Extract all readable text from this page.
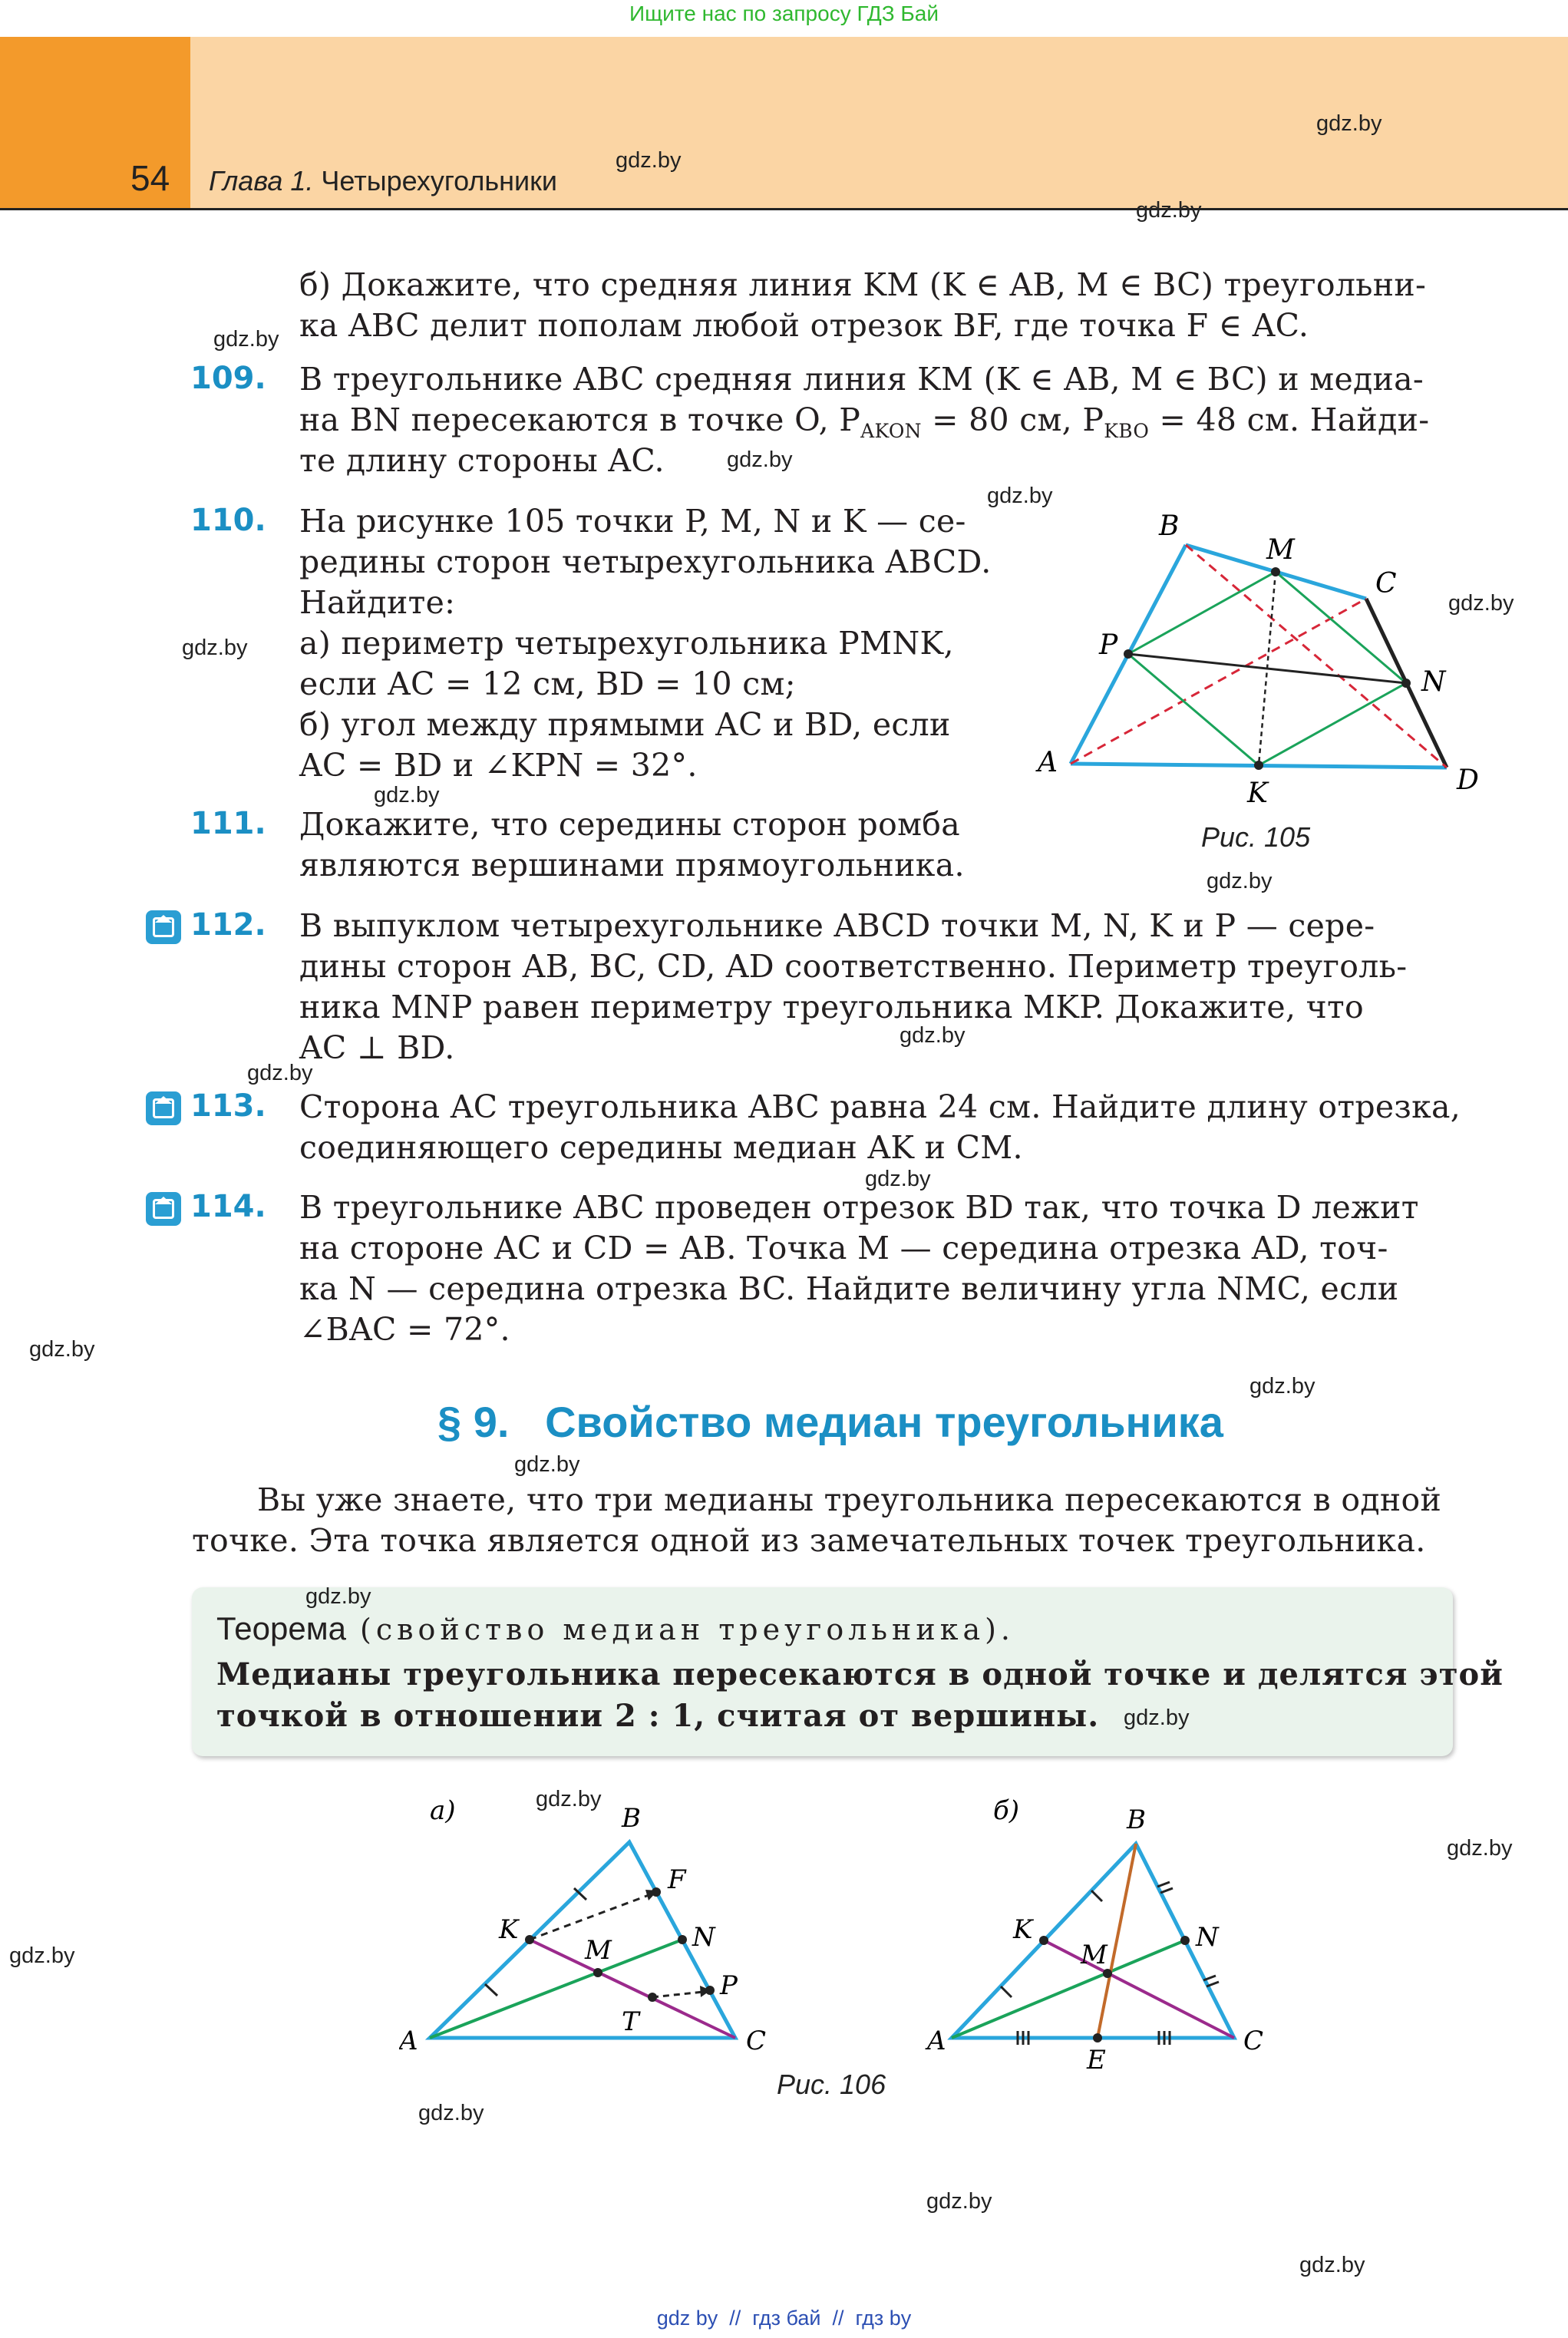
Ищите нас по запросу ГДЗ Бай
54 Глава 1. Четырехугольники
б) Докажите, что средняя линия KM (K ∈ AB, M ∈ BC) треугольни-
ка ABC делит пополам любой отрезок BF, где точка F ∈ AC.
109. В треугольнике ABC средняя линия KM (K ∈ AB, M ∈ BC) и медиа-
на BN пересекаются в точке O, $P_{AKON} = 80$ см, $P_{KBO} = 48$ см. Найди-
те длину стороны AC.
110. На рисунке 105 точки P, M, N и K — се-
редины сторон четырехугольника ABCD.
Найдите:
а) периметр четырехугольника PMNK,
если AC = 12 см, BD = 10 см;
б) угол между прямыми AC и BD, если
AC = BD и ∠KPN = 32°.
111. Докажите, что середины сторон ромба
являются вершинами прямоугольника.
A
B
C
D
M
N
P
K
Рис. 105
112. В выпуклом четырехугольнике ABCD точки M, N, K и P — сере-
дины сторон AB, BC, CD, AD соответственно. Периметр треуголь-
ника MNP равен периметру треугольника MKP. Докажите, что
AC ⊥ BD.
113. Сторона AC треугольника ABC равна 24 см. Найдите длину отрезка,
соединяющего середины медиан AK и CM.
114. В треугольнике ABC проведен отрезок BD так, что точка D лежит
на стороне AC и CD = AB. Точка M — середина отрезка AD, точ-
ка N — середина отрезка BC. Найдите величину угла NMC, если
∠BAC = 72°.
§ 9.   Свойство медиан треугольника
Вы уже знаете, что три медианы треугольника пересекаются в одной
точке. Эта точка является одной из замечательных точек треугольника.
Теорема (свойство медиан треугольника).
Медианы треугольника пересекаются в одной точке и делятся этой
точкой в отношении 2 : 1, считая от вершины.
а)
A
B
C
K
F
N
M
P
T
б)
A
B
C
K	N
M
E
Рис. 106
gdz.by
gdz.by
gdz.by
gdz.by
gdz.by
gdz.by
gdz.by
gdz.by
gdz.by
gdz.by
gdz.by
gdz.by
gdz.by
gdz.by
gdz.by
gdz.by
gdz.by
gdz.by
gdz.by
gdz.by
gdz.by
gdz.by
gdz.by
gdz.by
gdz by  //  гдз бай  //  гдз by
